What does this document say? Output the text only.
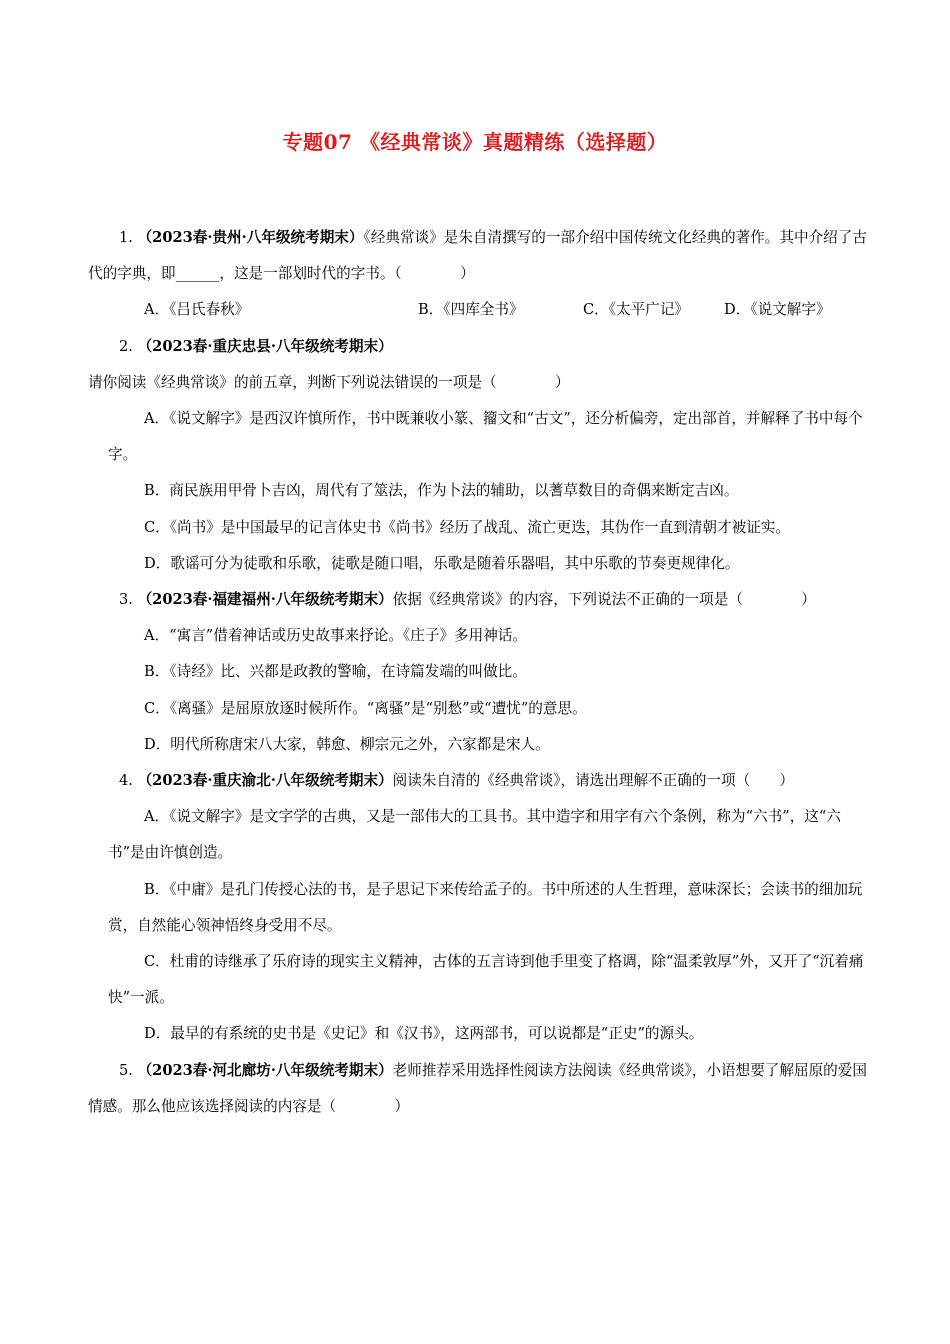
专题07 《经典常谈》真题精练（选择题）

1. （2023春·贵州·八年级统考期末）《经典常谈》是朱自清撰写的一部介绍中国传统文化经典的著作。其中介绍了古代的字典，即______，这是一部划时代的字书。（　　　　）

A．《吕氏春秋》	B．《四库全书》	C．《太平广记》 D．《说文解字》

2. （2023春·重庆忠县·八年级统考期末）请你阅读《经典常谈》的前五章，判断下列说法错误的一项是（　　　　）

A．《说文解字》是西汉许慎所作，书中既兼收小篆、籀文和“古文”，还分析偏旁，定出部首，并解释了书中每个字。

B．商民族用甲骨卜吉凶，周代有了筮法，作为卜法的辅助，以蓍草数目的奇偶来断定吉凶。

C．《尚书》是中国最早的记言体史书《尚书》经历了战乱、流亡更迭，其伪作一直到清朝才被证实。

D．歌谣可分为徒歌和乐歌，徒歌是随口唱，乐歌是随着乐器唱，其中乐歌的节奏更规律化。

3. （2023春·福建福州·八年级统考期末）依据《经典常谈》的内容，下列说法不正确的一项是（　　　　）

A．“寓言”借着神话或历史故事来抒论。《庄子》多用神话。

B．《诗经》比、兴都是政教的警喻，在诗篇发端的叫做比。

C．《离骚》是屈原放逐时候所作。“离骚”是“别愁”或“遭忧”的意思。

D．明代所称唐宋八大家，韩愈、柳宗元之外，六家都是宋人。

4. （2023春·重庆渝北·八年级统考期末）阅读朱自清的《经典常谈》，请选出理解不正确的一项（　　）

A．《说文解字》是文字学的古典，又是一部伟大的工具书。其中造字和用字有六个条例，称为“六书”，这“六书”是由许慎创造。

B．《中庸》是孔门传授心法的书，是子思记下来传给孟子的。书中所述的人生哲理，意味深长；会读书的细加玩赏，自然能心领神悟终身受用不尽。

C．杜甫的诗继承了乐府诗的现实主义精神，古体的五言诗到他手里变了格调，除“温柔敦厚”外，又开了“沉着痛快”一派。

D．最早的有系统的史书是《史记》和《汉书》，这两部书，可以说都是“正史”的源头。

5. （2023春·河北廊坊·八年级统考期末）老师推荐采用选择性阅读方法阅读《经典常谈》，小语想要了解屈原的爱国情感。那么他应该选择阅读的内容是（　　　　）
